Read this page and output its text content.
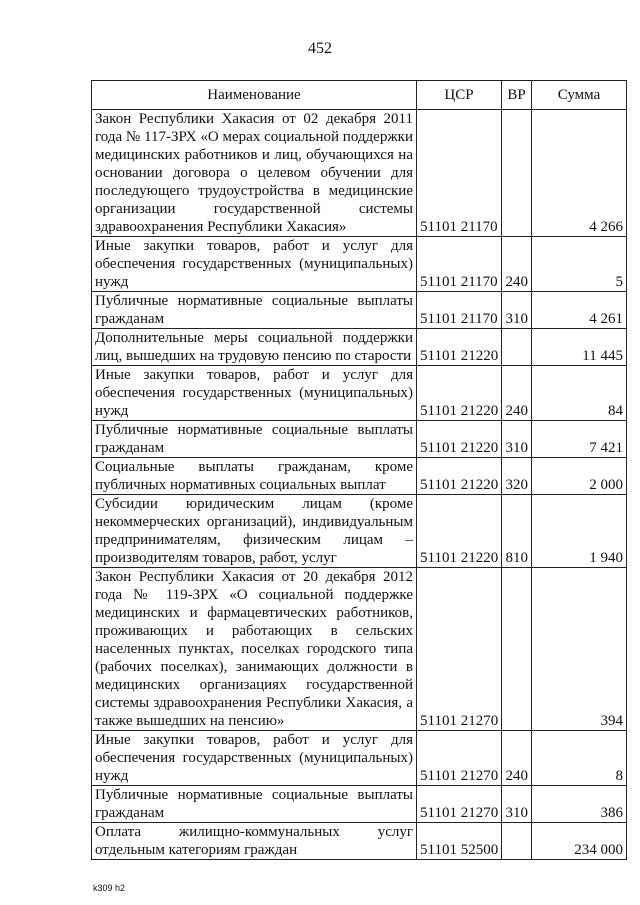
452
Наименование	ЦСР	ВР	Сумма
Закон Республики Хакасия от 02 декабря 2011 года № 117-ЗРХ «О мерах социальной поддержки медицинских работников и лиц, обучающихся на основании договора о целевом обучении для последующего трудоустройства в медицинские организации государственной системы здравоохранения Республики Хакасия»	51101 21170		4 266
Иные закупки товаров, работ и услуг для обеспечения государственных (муниципальных) нужд	51101 21170	240	5
Публичные нормативные социальные выплаты гражданам	51101 21170	310	4 261
Дополнительные меры социальной поддержки лиц, вышедших на трудовую пенсию по старости	51101 21220		11 445
Иные закупки товаров, работ и услуг для обеспечения государственных (муниципальных) нужд	51101 21220	240	84
Публичные нормативные социальные выплаты гражданам	51101 21220	310	7 421
Социальные выплаты гражданам, кроме публичных нормативных социальных выплат	51101 21220	320	2 000
Субсидии юридическим лицам (кроме некоммерческих организаций), индивидуальным предпринимателям, физическим лицам – производителям товаров, работ, услуг	51101 21220	810	1 940
Закон Республики Хакасия от 20 декабря 2012 года № 119-ЗРХ «О социальной поддержке медицинских и фармацевтических работников, проживающих и работающих в сельских населенных пунктах, поселках городского типа (рабочих поселках), занимающих должности в медицинских организациях государственной системы здравоохранения Республики Хакасия, а также вышедших на пенсию»	51101 21270		394
Иные закупки товаров, работ и услуг для обеспечения государственных (муниципальных) нужд	51101 21270	240	8
Публичные нормативные социальные выплаты гражданам	51101 21270	310	386
Оплата жилищно-коммунальных услуг отдельным категориям граждан	51101 52500		234 000
k309 h2
